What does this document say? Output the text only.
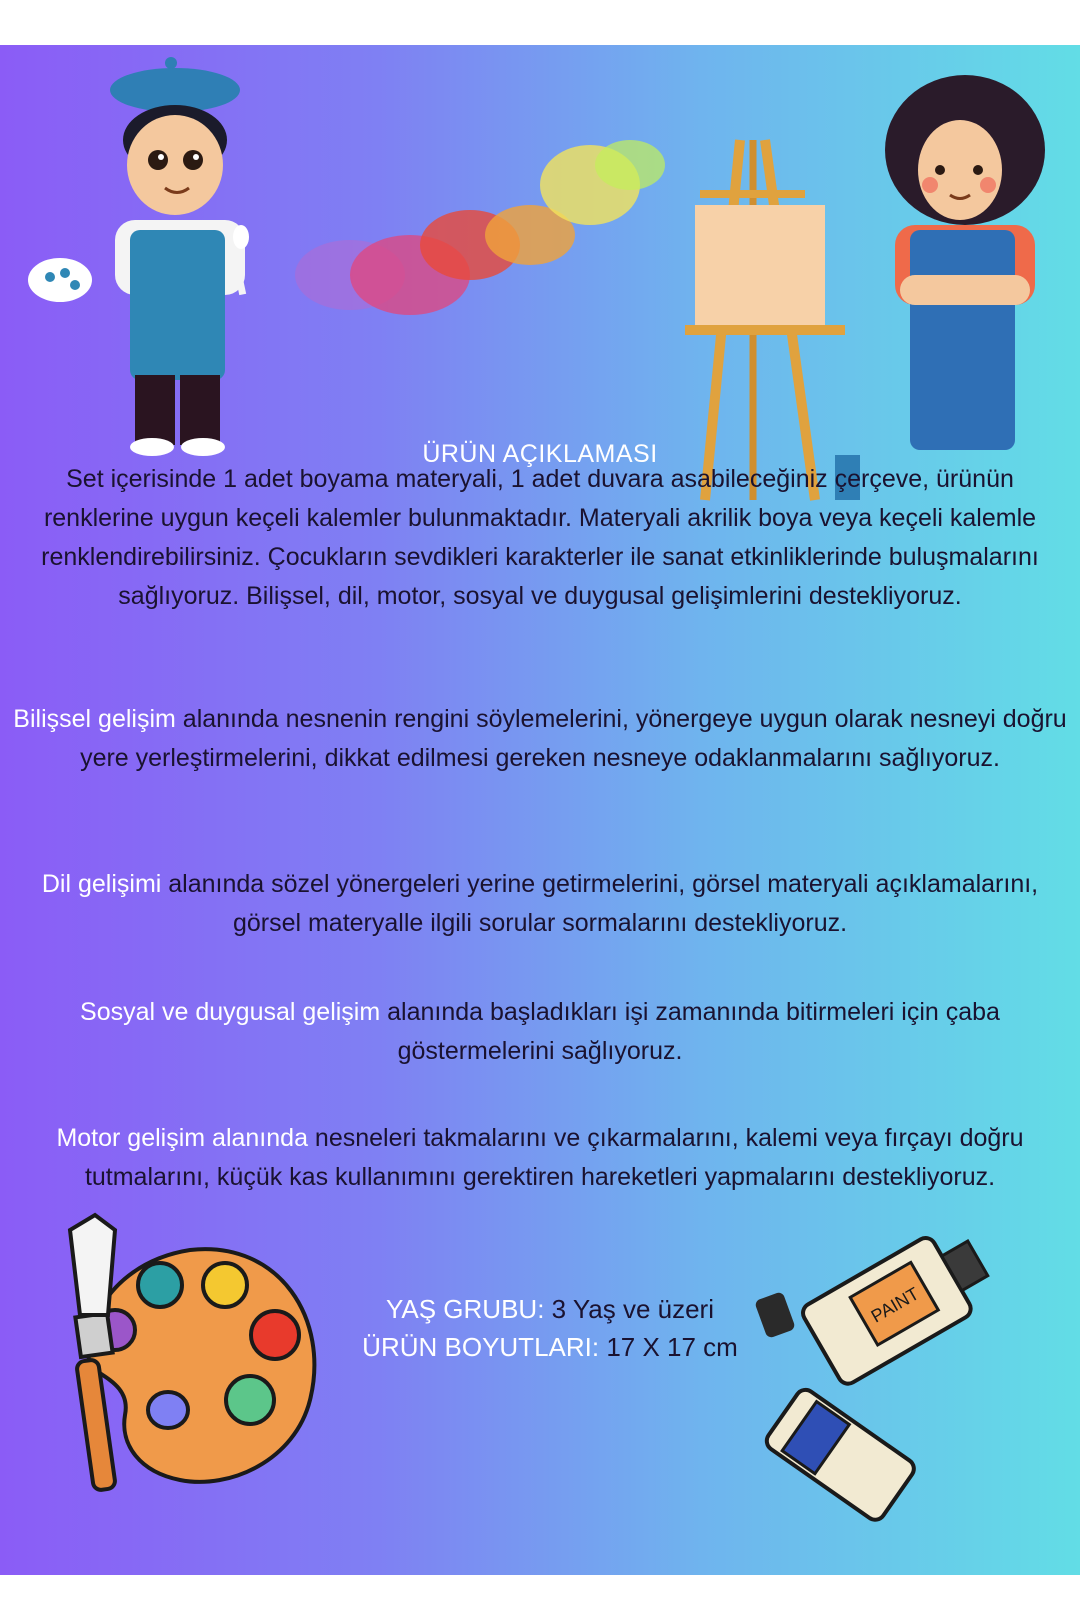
ÜRÜN AÇIKLAMASI

Set içerisinde 1 adet boyama materyali, 1 adet duvara asabileceğiniz çerçeve, ürünün renklerine uygun keçeli kalemler bulunmaktadır. Materyali akrilik boya veya keçeli kalemle renklendirebilirsiniz. Çocukların sevdikleri karakterler ile sanat etkinliklerinde buluşmalarını sağlıyoruz. Bilişsel, dil, motor, sosyal ve duygusal gelişimlerini destekliyoruz.

Bilişsel gelişim alanında nesnenin rengini söylemelerini, yönergeye uygun olarak nesneyi doğru yere yerleştirmelerini, dikkat edilmesi gereken nesneye odaklanmalarını sağlıyoruz.

Dil gelişimi alanında sözel yönergeleri yerine getirmelerini, görsel materyali açıklamalarını, görsel materyalle ilgili sorular sormalarını destekliyoruz.

Sosyal ve duygusal gelişim alanında başladıkları işi zamanında bitirmeleri için çaba göstermelerini sağlıyoruz.

Motor gelişim alanında nesneleri takmalarını ve çıkarmalarını, kalemi veya fırçayı doğru tutmalarını, küçük kas kullanımını gerektiren hareketleri yapmalarını destekliyoruz.

YAŞ GRUBU: 3 Yaş ve üzeri
ÜRÜN BOYUTLARI: 17 X 17 cm
PAINT
